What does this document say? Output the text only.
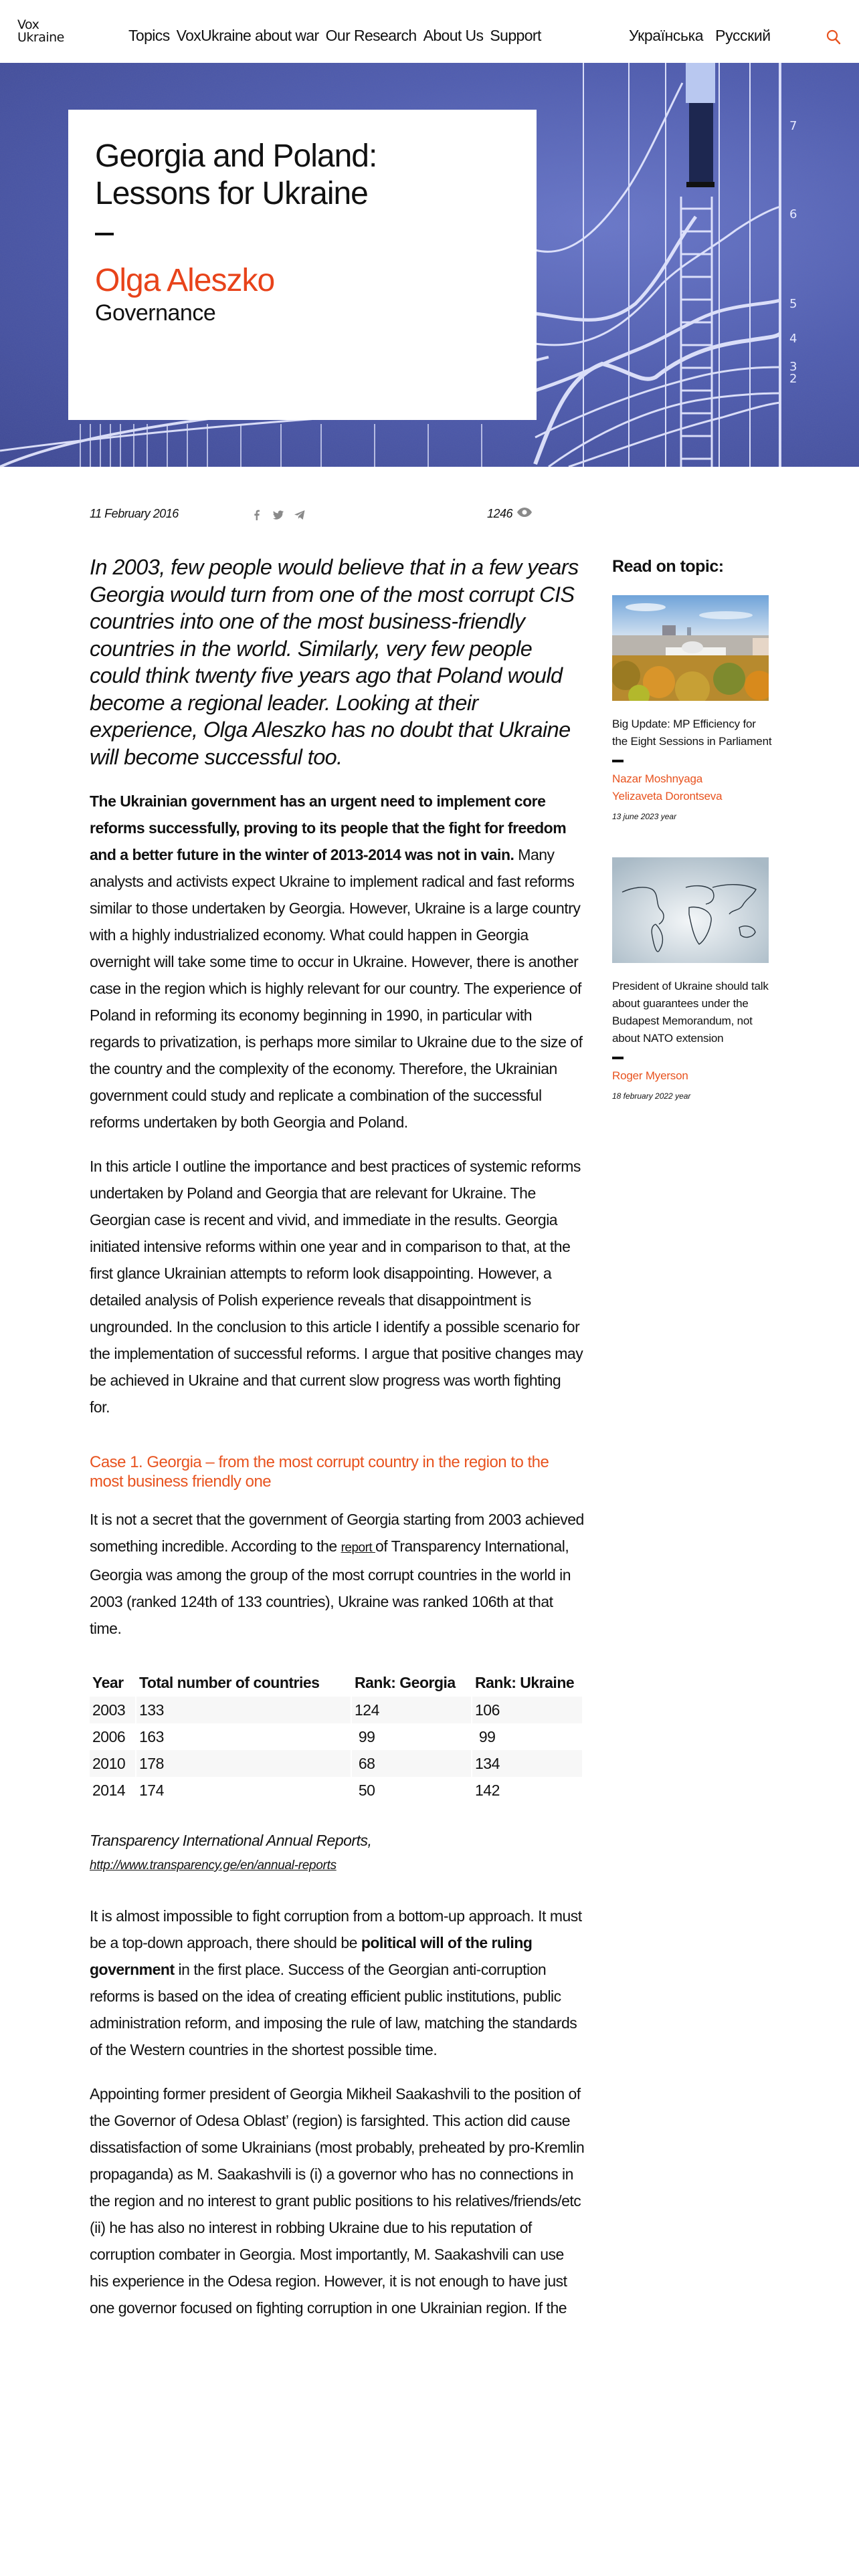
Vox
Ukraine	Topics VoxUkraine about war Our Research About Us Support	Українська Русский
7
6
5
4
3
2
Georgia and Poland:
Lessons for Ukraine
Olga Aleszko
Governance
11 February 2016	1246

In 2003, few people would believe that in a few years Georgia would turn from one of the most corrupt CIS countries into one of the most business-friendly countries in the world. Similarly, very few people could think twenty five years ago that Poland would become a regional leader. Looking at their experience, Olga Aleszko has no doubt that Ukraine will become successful too.

The Ukrainian government has an urgent need to implement core reforms successfully, proving to its people that the fight for freedom and a better future in the winter of 2013-2014 was not in vain. Many analysts and activists expect Ukraine to implement radical and fast reforms similar to those undertaken by Georgia. However, Ukraine is a large country with a highly industrialized economy. What could happen in Georgia overnight will take some time to occur in Ukraine. However, there is another case in the region which is highly relevant for our country. The experience of Poland in reforming its economy beginning in 1990, in particular with regards to privatization, is perhaps more similar to Ukraine due to the size of the country and the complexity of the economy. Therefore, the Ukrainian government could study and replicate a combination of the successful reforms undertaken by both Georgia and Poland.

In this article I outline the importance and best practices of systemic reforms undertaken by Poland and Georgia that are relevant for Ukraine. The Georgian case is recent and vivid, and immediate in the results. Georgia initiated intensive reforms within one year and in comparison to that, at the first glance Ukrainian attempts to reform look disappointing. However, a detailed analysis of Polish experience reveals that disappointment is ungrounded. In the conclusion to this article I identify a possible scenario for the implementation of successful reforms. I argue that positive changes may be achieved in Ukraine and that current slow progress was worth fighting for.

Case 1. Georgia – from the most corrupt country in the region to the most business friendly one

It is not a secret that the government of Georgia starting from 2003 achieved something incredible. According to the report of Transparency International, Georgia was among the group of the most corrupt countries in the world in 2003 (ranked 124th of 133 countries), Ukraine was ranked 106th at that time.

Year	Total number of countries	Rank: Georgia	Rank: Ukraine
2003	133	124	106
2006	163	99	99
2010	178	68	134
2014	174	50	142

Transparency International Annual Reports,

http://www.transparency.ge/en/annual-reports

It is almost impossible to fight corruption from a bottom-up approach. It must be a top-down approach, there should be political will of the ruling government in the first place. Success of the Georgian anti-corruption reforms is based on the idea of creating efficient public institutions, public administration reform, and imposing the rule of law, matching the standards of the Western countries in the shortest possible time.

Appointing former president of Georgia Mikheil Saakashvili to the position of the Governor of Odesa Oblast’ (region) is farsighted. This action did cause dissatisfaction of some Ukrainians (most probably, preheated by pro-Kremlin propaganda) as M. Saakashvili is (i) a governor who has no connections in the region and no interest to grant public positions to his relatives/friends/etc (ii) he has also no interest in robbing Ukraine due to his reputation of corruption combater in Georgia. Most importantly, M. Saakashvili can use his experience in the Odesa region. However, it is not enough to have just one governor focused on fighting corruption in one Ukrainian region. If the

Read on topic:

Big Update: MP Efficiency for the Eight Sessions in Parliament

Nazar Moshnyaga
Yelizaveta Dorontseva

13 june 2023 year

President of Ukraine should talk about guarantees under the Budapest Memorandum, not about NATO extension

Roger Myerson

18 february 2022 year
